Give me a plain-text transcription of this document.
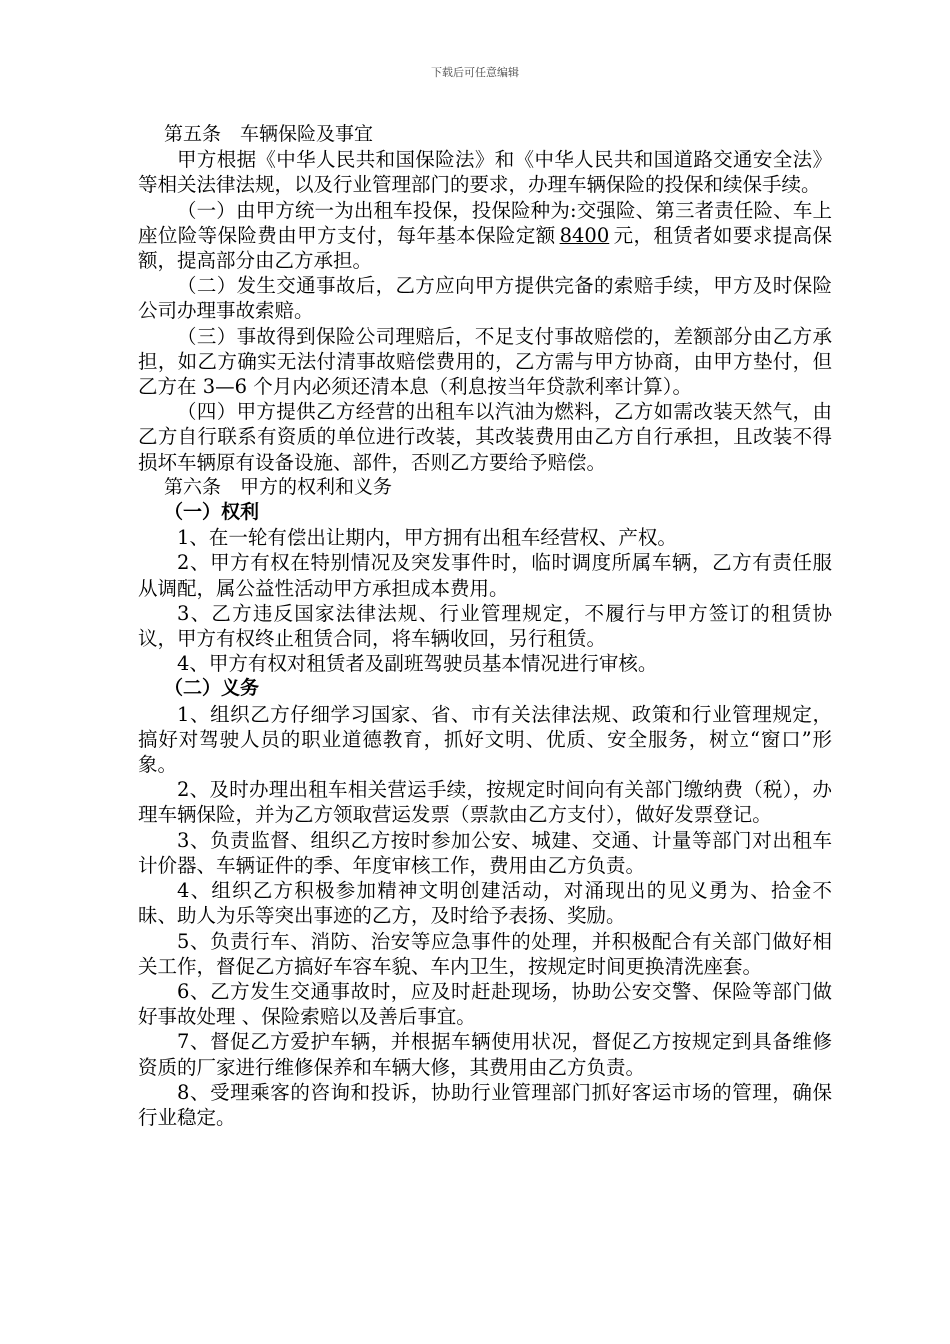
下载后可任意编辑

第五条　车辆保险及事宜

甲方根据《中华人民共和国保险法》和《中华人民共和国道路交通安全法》等相关法律法规，以及行业管理部门的要求，办理车辆保险的投保和续保手续。

（一）由甲方统一为出租车投保，投保险种为:交强险、第三者责任险、车上座位险等保险费由甲方支付，每年基本保险定额 8400 元，租赁者如要求提高保额，提高部分由乙方承担。

（二）发生交通事故后，乙方应向甲方提供完备的索赔手续，甲方及时保险公司办理事故索赔。

（三）事故得到保险公司理赔后，不足支付事故赔偿的，差额部分由乙方承担，如乙方确实无法付清事故赔偿费用的，乙方需与甲方协商，由甲方垫付，但乙方在 3—6 个月内必须还清本息（利息按当年贷款利率计算）。

（四）甲方提供乙方经营的出租车以汽油为燃料，乙方如需改装天然气，由乙方自行联系有资质的单位进行改装，其改装费用由乙方自行承担，且改装不得损坏车辆原有设备设施、部件，否则乙方要给予赔偿。

第六条　甲方的权利和义务

（一）权利

1、在一轮有偿出让期内，甲方拥有出租车经营权、产权。

2、甲方有权在特别情况及突发事件时，临时调度所属车辆，乙方有责任服从调配，属公益性活动甲方承担成本费用。

3、乙方违反国家法律法规、行业管理规定，不履行与甲方签订的租赁协议，甲方有权终止租赁合同，将车辆收回，另行租赁。

4、甲方有权对租赁者及副班驾驶员基本情况进行审核。

（二）义务

1、组织乙方仔细学习国家、省、市有关法律法规、政策和行业管理规定，搞好对驾驶人员的职业道德教育，抓好文明、优质、安全服务，树立“窗口”形象。

2、及时办理出租车相关营运手续，按规定时间向有关部门缴纳费（税），办理车辆保险，并为乙方领取营运发票（票款由乙方支付），做好发票登记。

3、负责监督、组织乙方按时参加公安、城建、交通、计量等部门对出租车计价器、车辆证件的季、年度审核工作，费用由乙方负责。

4、组织乙方积极参加精神文明创建活动，对涌现出的见义勇为、拾金不昧、助人为乐等突出事迹的乙方，及时给予表扬、奖励。

5、负责行车、消防、治安等应急事件的处理，并积极配合有关部门做好相关工作，督促乙方搞好车容车貌、车内卫生，按规定时间更换清洗座套。

6、乙方发生交通事故时，应及时赶赴现场，协助公安交警、保险等部门做好事故处理 、保险索赔以及善后事宜。

7、督促乙方爱护车辆，并根据车辆使用状况，督促乙方按规定到具备维修资质的厂家进行维修保养和车辆大修，其费用由乙方负责。

8、受理乘客的咨询和投诉，协助行业管理部门抓好客运市场的管理，确保行业稳定。
